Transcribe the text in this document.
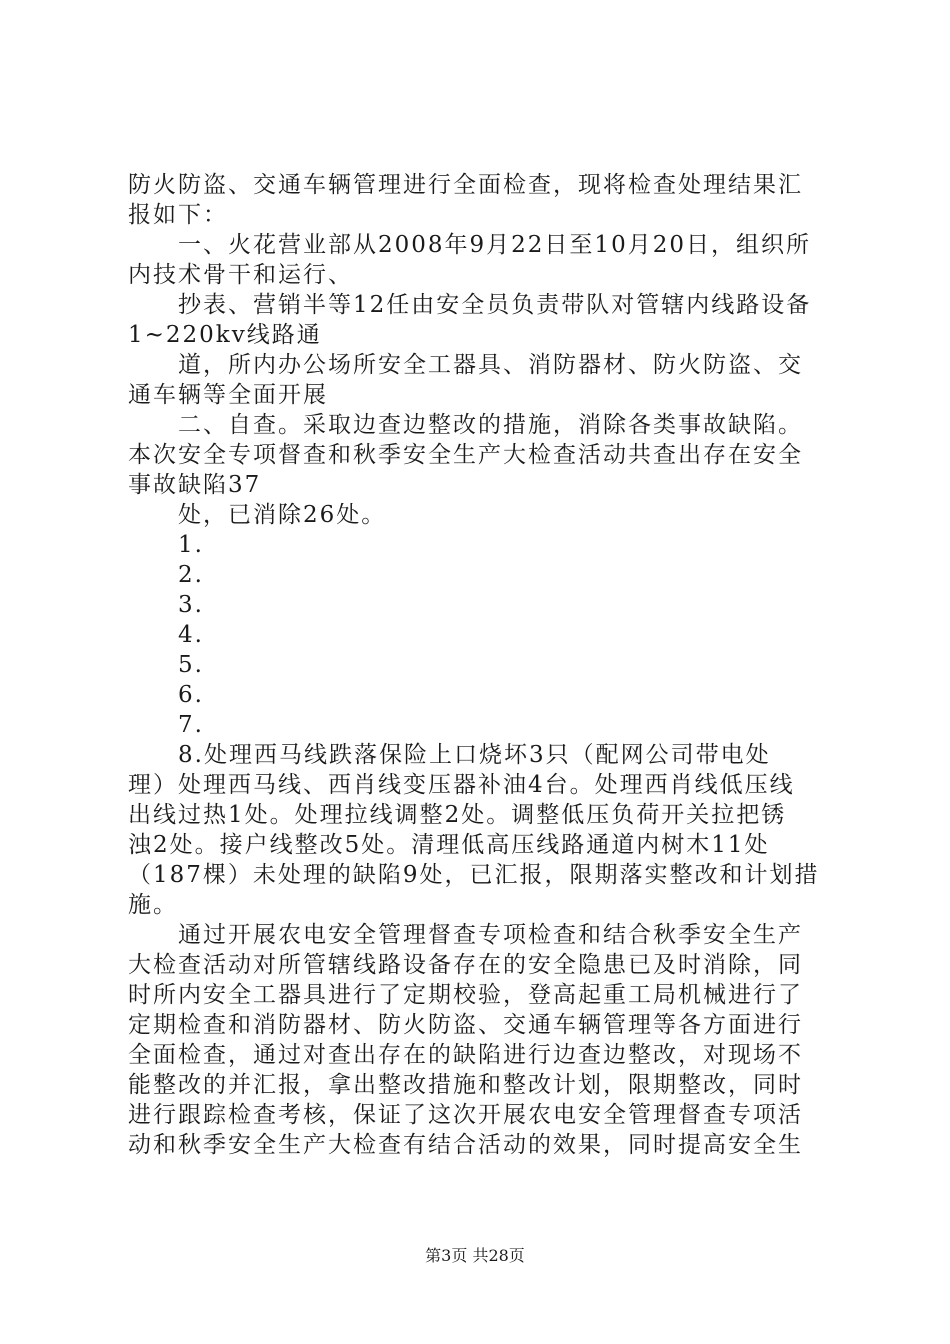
防火防盗、交通车辆管理进行全面检查，现将检查处理结果汇
报如下：
　　一、火花营业部从2008年9月22日至10月20日，组织所
内技术骨干和运行、
　　抄表、营销半等12任由安全员负责带队对管辖内线路设备
1~220kv线路通
　　道，所内办公场所安全工器具、消防器材、防火防盗、交
通车辆等全面开展
　　二、自查。采取边查边整改的措施，消除各类事故缺陷。
本次安全专项督查和秋季安全生产大检查活动共查出存在安全
事故缺陷37
　　处，已消除26处。
　　1.
　　2.
　　3.
　　4.
　　5.
　　6.
　　7.
　　8.处理西马线跌落保险上口烧坏3只（配网公司带电处
理）处理西马线、西肖线变压器补油4台。处理西肖线低压线
出线过热1处。处理拉线调整2处。调整低压负荷开关拉把锈
浊2处。接户线整改5处。清理低高压线路通道内树木11处
（187棵）未处理的缺陷9处，已汇报，限期落实整改和计划措
施。
　　通过开展农电安全管理督查专项检查和结合秋季安全生产
大检查活动对所管辖线路设备存在的安全隐患已及时消除，同
时所内安全工器具进行了定期校验，登高起重工局机械进行了
定期检查和消防器材、防火防盗、交通车辆管理等各方面进行
全面检查，通过对查出存在的缺陷进行边查边整改，对现场不
能整改的并汇报，拿出整改措施和整改计划，限期整改，同时
进行跟踪检查考核，保证了这次开展农电安全管理督查专项活
动和秋季安全生产大检查有结合活动的效果，同时提高安全生
第3页 共28页
